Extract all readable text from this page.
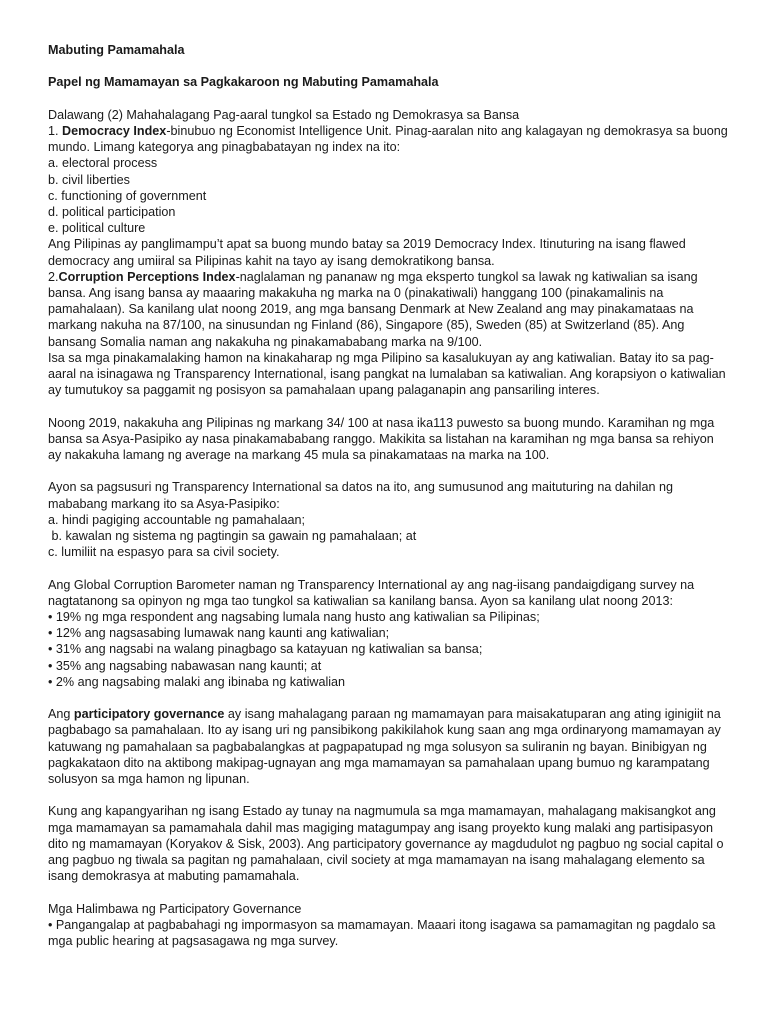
Mabuting Pamamahala

Papel ng Mamamayan sa Pagkakaroon ng Mabuting Pamamahala

Dalawang (2) Mahahalagang Pag-aaral tungkol sa Estado ng Demokrasya sa Bansa

1. Democracy Index-binubuo ng Economist Intelligence Unit. Pinag-aaralan nito ang kalagayan ng demokrasya sa buong mundo. Limang kategorya ang pinagbabatayan ng index na ito:

a. electoral process

b. civil liberties

c. functioning of government

d. political participation

e. political culture

Ang Pilipinas ay panglimampu’t apat sa buong mundo batay sa 2019 Democracy Index. Itinuturing na isang flawed democracy ang umiiral sa Pilipinas kahit na tayo ay isang demokratikong bansa.

2.Corruption Perceptions Index-naglalaman ng pananaw ng mga eksperto tungkol sa lawak ng katiwalian sa isang bansa. Ang isang bansa ay maaaring makakuha ng marka na 0 (pinakatiwali) hanggang 100 (pinakamalinis na pamahalaan). Sa kanilang ulat noong 2019, ang mga bansang Denmark at New Zealand ang may pinakamataas na markang nakuha na 87/100, na sinusundan ng Finland (86), Singapore (85), Sweden (85) at Switzerland (85). Ang bansang Somalia naman ang nakakuha ng pinakamababang marka na 9/100.

Isa sa mga pinakamalaking hamon na kinakaharap ng mga Pilipino sa kasalukuyan ay ang katiwalian. Batay ito sa pag-aaral na isinagawa ng Transparency International, isang pangkat na lumalaban sa katiwalian. Ang korapsiyon o katiwalian ay tumutukoy sa paggamit ng posisyon sa pamahalaan upang palaganapin ang pansariling interes.

Noong 2019, nakakuha ang Pilipinas ng markang 34/ 100 at nasa ika113 puwesto sa buong mundo. Karamihan ng mga bansa sa Asya-Pasipiko ay nasa pinakamababang ranggo. Makikita sa listahan na karamihan ng mga bansa sa rehiyon ay nakakuha lamang ng average na markang 45 mula sa pinakamataas na marka na 100.

Ayon sa pagsusuri ng Transparency International sa datos na ito, ang sumusunod ang maituturing na dahilan ng mababang markang ito sa Asya-Pasipiko:

a. hindi pagiging accountable ng pamahalaan;

b. kawalan ng sistema ng pagtingin sa gawain ng pamahalaan; at

c. lumiliit na espasyo para sa civil society.

Ang Global Corruption Barometer naman ng Transparency International ay ang nag-iisang pandaigdigang survey na nagtatanong sa opinyon ng mga tao tungkol sa katiwalian sa kanilang bansa. Ayon sa kanilang ulat noong 2013:

• 19% ng mga respondent ang nagsabing lumala nang husto ang katiwalian sa Pilipinas;

• 12% ang nagsasabing lumawak nang kaunti ang katiwalian;

• 31% ang nagsabi na walang pinagbago sa katayuan ng katiwalian sa bansa;

• 35% ang nagsabing nabawasan nang kaunti; at

• 2% ang nagsabing malaki ang ibinaba ng katiwalian

Ang participatory governance ay isang mahalagang paraan ng mamamayan para maisakatuparan ang ating iginigiit na pagbabago sa pamahalaan. Ito ay isang uri ng pansibikong pakikilahok kung saan ang mga ordinaryong mamamayan ay katuwang ng pamahalaan sa pagbabalangkas at pagpapatupad ng mga solusyon sa suliranin ng bayan. Binibigyan ng pagkakataon dito na aktibong makipag-ugnayan ang mga mamamayan sa pamahalaan upang bumuo ng karampatang solusyon sa mga hamon ng lipunan.

Kung ang kapangyarihan ng isang Estado ay tunay na nagmumula sa mga mamamayan, mahalagang makisangkot ang mga mamamayan sa pamamahala dahil mas magiging matagumpay ang isang proyekto kung malaki ang partisipasyon dito ng mamamayan (Koryakov & Sisk, 2003). Ang participatory governance ay magdudulot ng pagbuo ng social capital o ang pagbuo ng tiwala sa pagitan ng pamahalaan, civil society at mga mamamayan na isang mahalagang elemento sa isang demokrasya at mabuting pamamahala.

Mga Halimbawa ng Participatory Governance

• Pangangalap at pagbabahagi ng impormasyon sa mamamayan. Maaari itong isagawa sa pamamagitan ng pagdalo sa mga public hearing at pagsasagawa ng mga survey.
